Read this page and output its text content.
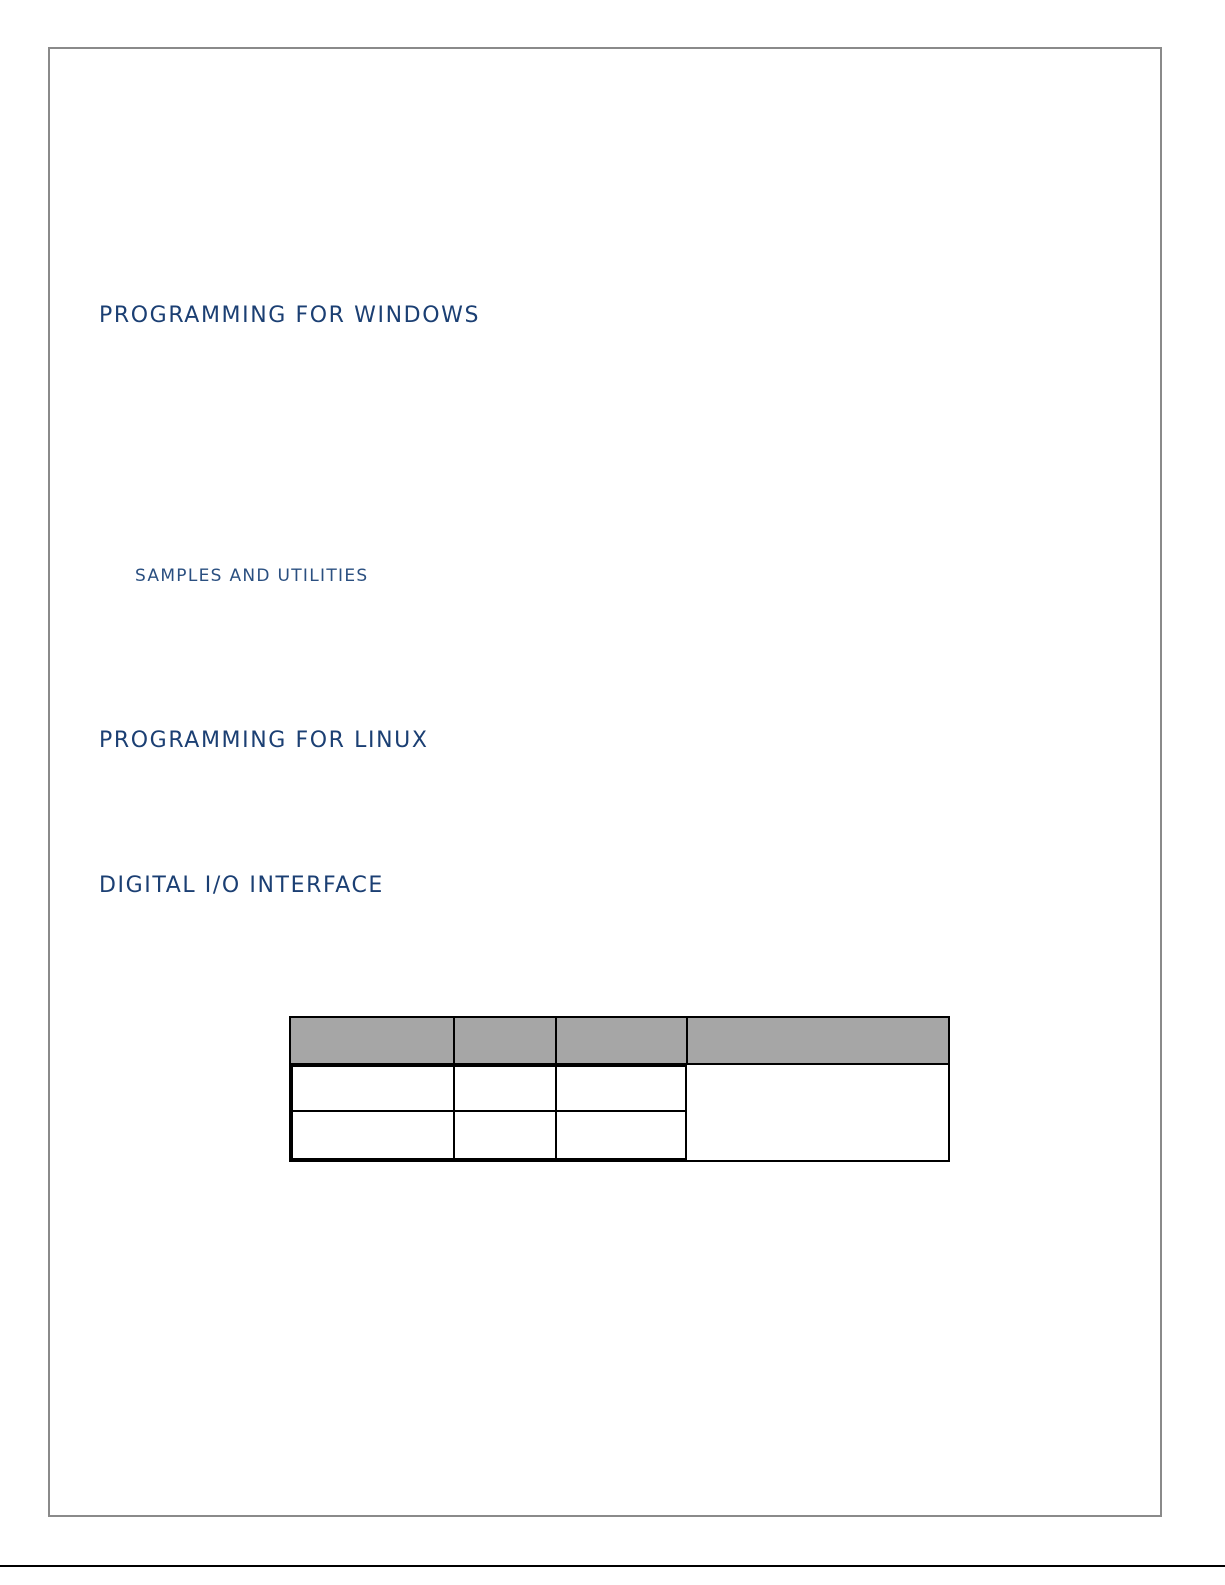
PROGRAMMING FOR WINDOWS
SAMPLES AND UTILITIES
PROGRAMMING FOR LINUX
DIGITAL I/O INTERFACE
